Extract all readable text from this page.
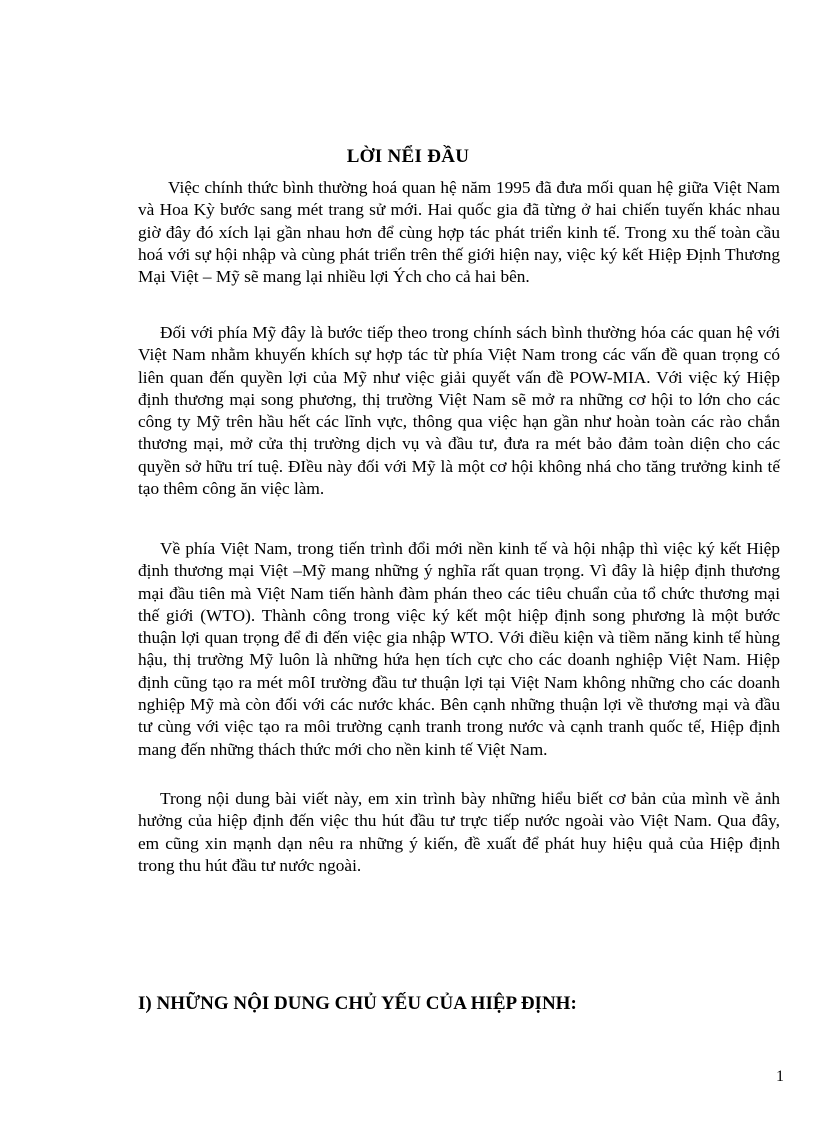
LỜI NỂI ĐẦU

Việc chính thức bình thường hoá quan hệ năm 1995 đã đưa mối quan hệ giữa Việt Nam và Hoa Kỳ bước sang mét trang sử mới. Hai quốc gia đã từng ở hai chiến tuyến khác nhau giờ đây đó xích lại gần nhau hơn để cùng hợp tác phát triển kinh tế. Trong xu thế toàn cầu hoá với sự hội nhập và cùng phát triển trên thế giới hiện nay, việc ký kết Hiệp Định Thương Mại Việt – Mỹ sẽ mang lại nhiều lợi Ých cho cả hai bên.

Đối với phía Mỹ đây là bước tiếp theo trong chính sách bình thường hóa các quan hệ với Việt Nam nhằm khuyến khích sự hợp tác từ phía Việt Nam trong các vấn đề quan trọng có liên quan đến quyền lợi của Mỹ như việc giải quyết vấn đề POW-MIA. Với việc ký Hiệp định thương mại song phương, thị trường Việt Nam sẽ mở ra những cơ hội to lớn cho các công ty Mỹ trên hầu hết các lĩnh vực, thông qua việc hạn gần như hoàn toàn các rào chắn thương mại, mở cửa thị trường dịch vụ và đầu tư, đưa ra mét bảo đảm toàn diện cho các quyền sở hữu trí tuệ. ĐIều này đối với Mỹ là một cơ hội không nhá cho tăng trưởng kinh tế tạo thêm công ăn việc làm.

Về phía Việt Nam, trong tiến trình đổi mới nền kinh tế và hội nhập thì việc ký kết Hiệp định thương mại Việt –Mỹ mang những ý nghĩa rất quan trọng. Vì đây là hiệp định thương mại đầu tiên mà Việt Nam tiến hành đàm phán theo các tiêu chuẩn của tổ chức thương mại thế giới (WTO). Thành công trong việc ký kết một hiệp định song phương là một bước thuận lợi quan trọng để đi đến việc gia nhập WTO. Với điều kiện và tiềm năng kinh tế hùng hậu, thị trường Mỹ luôn là những hứa hẹn tích cực cho các doanh nghiệp Việt Nam. Hiệp định cũng tạo ra mét môI trường đầu tư thuận lợi tại Việt Nam không những cho các doanh nghiệp Mỹ mà còn đối với các nước khác. Bên cạnh những thuận lợi về thương mại và đầu tư cùng với việc tạo ra môi trường cạnh tranh trong nước và cạnh tranh quốc tế, Hiệp định mang đến những thách thức mới cho nền kinh tế Việt Nam.

Trong nội dung bài viết này, em xin trình bày những hiểu biết cơ bản của mình về ảnh hưởng của hiệp định đến việc thu hút đầu tư trực tiếp nước ngoài vào Việt Nam. Qua đây, em cũng xin mạnh dạn nêu ra những ý kiến, đề xuất để phát huy hiệu quả của Hiệp định trong thu hút đầu tư nước ngoài.

I) NHỮNG NỘI DUNG CHỦ YẾU CỦA HIỆP ĐỊNH:
1
